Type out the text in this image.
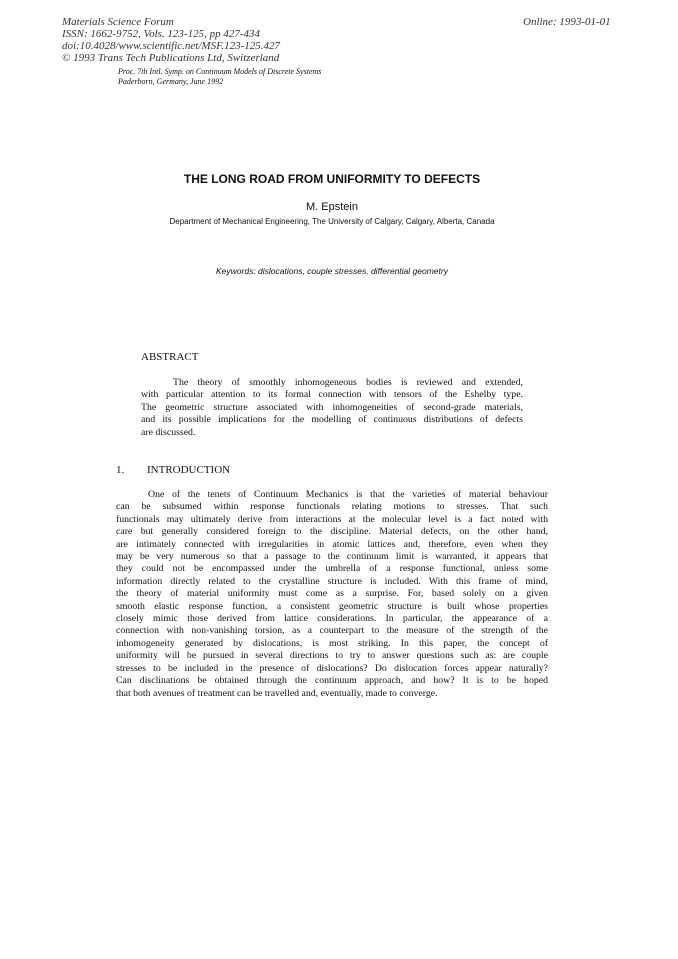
Materials Science Forum
ISSN: 1662-9752, Vols. 123-125, pp 427-434
doi:10.4028/www.scientific.net/MSF.123-125.427
© 1993 Trans Tech Publications Ltd, Switzerland
Online: 1993-01-01
Proc. 7th Intl. Symp. on Continuum Models of Discrete Systems
Paderborn, Germany, June 1992
THE LONG ROAD FROM UNIFORMITY TO DEFECTS
M. Epstein
Department of Mechanical Engineering, The University of Calgary, Calgary, Alberta, Canada
Keywords: dislocations, couple stresses, differential geometry
ABSTRACT
The theory of smoothly inhomogeneous bodies is reviewed and extended,
with particular attention to its formal connection with tensors of the Eshelby type.
The geometric structure associated with inhomogeneities of second-grade materials,
and its possible implications for the modelling of continuous distributions of defects
are discussed.
1. INTRODUCTION
One of the tenets of Continuum Mechanics is that the varieties of material behaviour
can be subsumed within response functionals relating motions to stresses. That such
functionals may ultimately derive from interactions at the molecular level is a fact noted with
care but generally considered foreign to the discipline. Material defects, on the other hand,
are intimately connected with irregularities in atomic lattices and, therefore, even when they
may be very numerous so that a passage to the continuum limit is warranted, it appears that
they could not be encompassed under the umbrella of a response functional, unless some
information directly related to the crystalline structure is included. With this frame of mind,
the theory of material uniformity must come as a surprise. For, based solely on a given
smooth elastic response function, a consistent geometric structure is built whose properties
closely mimic those derived from lattice considerations. In particular, the appearance of a
connection with non-vanishing torsion, as a counterpart to the measure of the strength of the
inhomogeneity generated by dislocations, is most striking. In this paper, the concept of
uniformity will be pursued in several directions to try to answer questions such as: are couple
stresses to be included in the presence of dislocations? Do dislocation forces appear naturally?
Can disclinations be obtained through the continuum approach, and how? It is to be hoped
that both avenues of treatment can be travelled and, eventually, made to converge.
